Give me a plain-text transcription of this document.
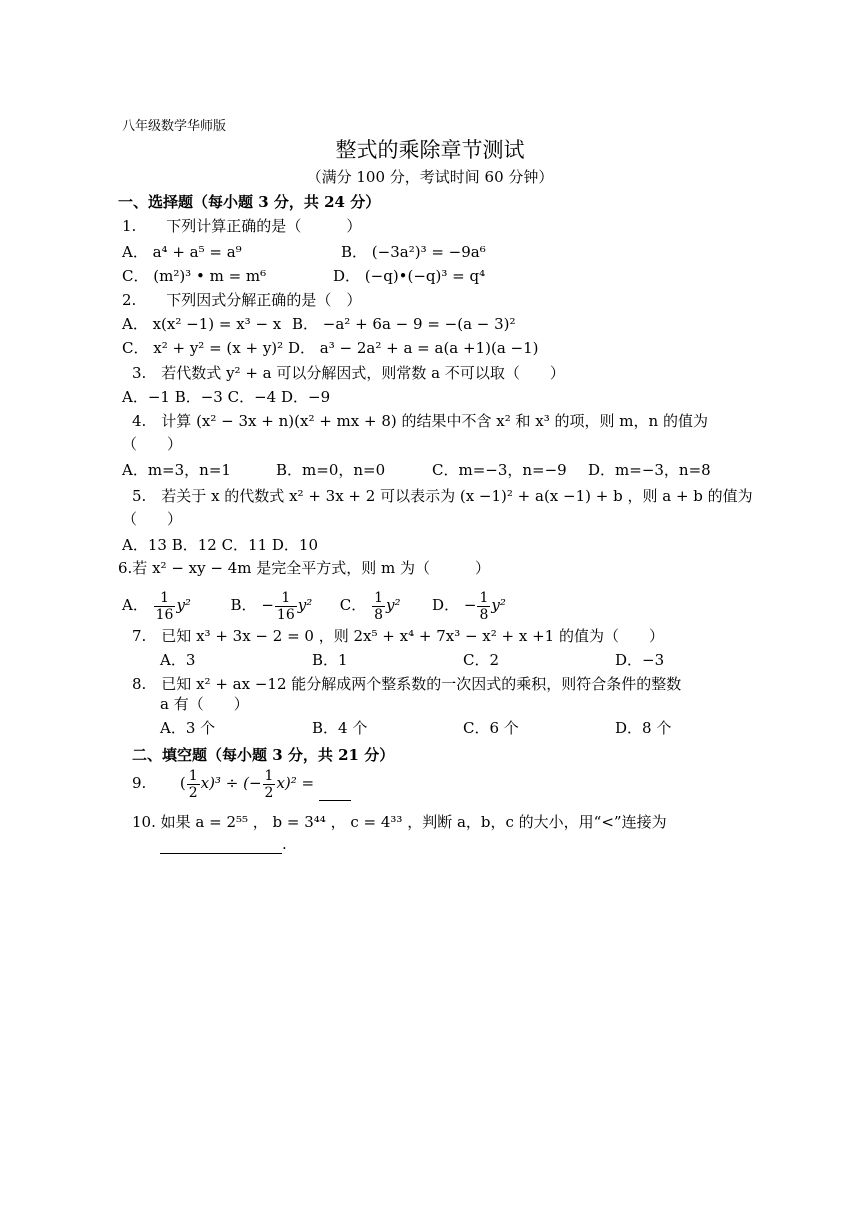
八年级数学华师版
整式的乘除章节测试
（满分 100 分，考试时间 60 分钟）
一、选择题（每小题 3 分，共 24 分）
1.　　下列计算正确的是（　　　）
A． a⁴ + a⁵ = a⁹	B． (−3a²)³ = −9a⁶
C． (m²)³ • m = m⁶	D． (−q)•(−q)³ = q⁴
2.　　下列因式分解正确的是（　）
A． x(x² −1) = x³ − x B． −a² + 6a − 9 = −(a − 3)²
C． x² + y² = (x + y)² D． a³ − 2a² + a = a(a +1)(a −1)
3.　若代数式 y² + a 可以分解因式，则常数 a 不可以取（　　）
A．−1 B．−3 C．−4 D．−9
4.　计算 (x² − 3x + n)(x² + mx + 8) 的结果中不含 x² 和 x³ 的项，则 m，n 的值为
（　　）
A．m=3，n=1	B．m=0，n=0	C．m=−3，n=−9 D．m=−3，n=8
5.　若关于 x 的代数式 x² + 3x + 2 可以表示为 (x −1)² + a(x −1) + b ，则 a + b 的值为
（　　）
A．13 B．12 C．11 D．10
6.若 x² − xy − 4m 是完全平方式，则 m 为（　　　）
A． $\frac{1}{16} y^2$	B． − $\frac{1}{16} y^2$ C． $\frac{1}{8} y^2$ D． − $\frac{1}{8} y^2$
7.　已知 x³ + 3x − 2 = 0 ，则 2x⁵ + x⁴ + 7x³ − x² + x +1 的值为（　　）
A．3	B．1	C．2	D．−3
8.　已知 x² + ax −12 能分解成两个整系数的一次因式的乘积，则符合条件的整数
a 有（　　）
A．3 个	B．4 个	C．6 个	D．8 个
二、填空题（每小题 3 分，共 21 分）
9. ( $\frac{1}{2} x)^3$ ÷ (− $\frac{1}{2} x)^2$ =
10. 如果 a = 2⁵⁵ ， b = 3⁴⁴ ， c = 4³³ ，判断 a，b，c 的大小，用“<”连接为
.
